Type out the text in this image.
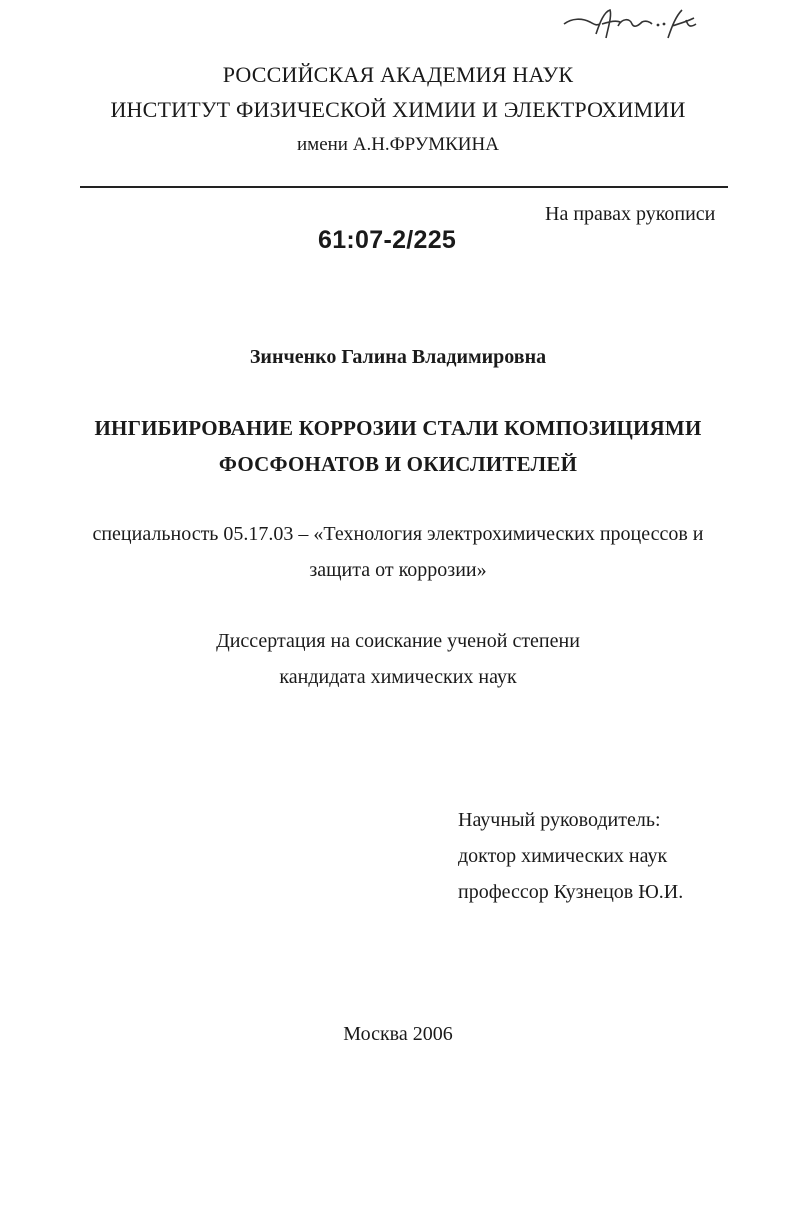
РОССИЙСКАЯ АКАДЕМИЯ НАУК
ИНСТИТУТ ФИЗИЧЕСКОЙ ХИМИИ И ЭЛЕКТРОХИМИИ
имени А.Н.ФРУМКИНА
На правах рукописи
61:07-2/225
Зинченко Галина Владимировна
ИНГИБИРОВАНИЕ КОРРОЗИИ СТАЛИ КОМПОЗИЦИЯМИ
ФОСФОНАТОВ И ОКИСЛИТЕЛЕЙ
специальность 05.17.03 – «Технология электрохимических процессов и
защита от коррозии»
Диссертация на соискание ученой степени
кандидата химических наук
Научный руководитель:
доктор химических наук
профессор Кузнецов Ю.И.
Москва 2006
